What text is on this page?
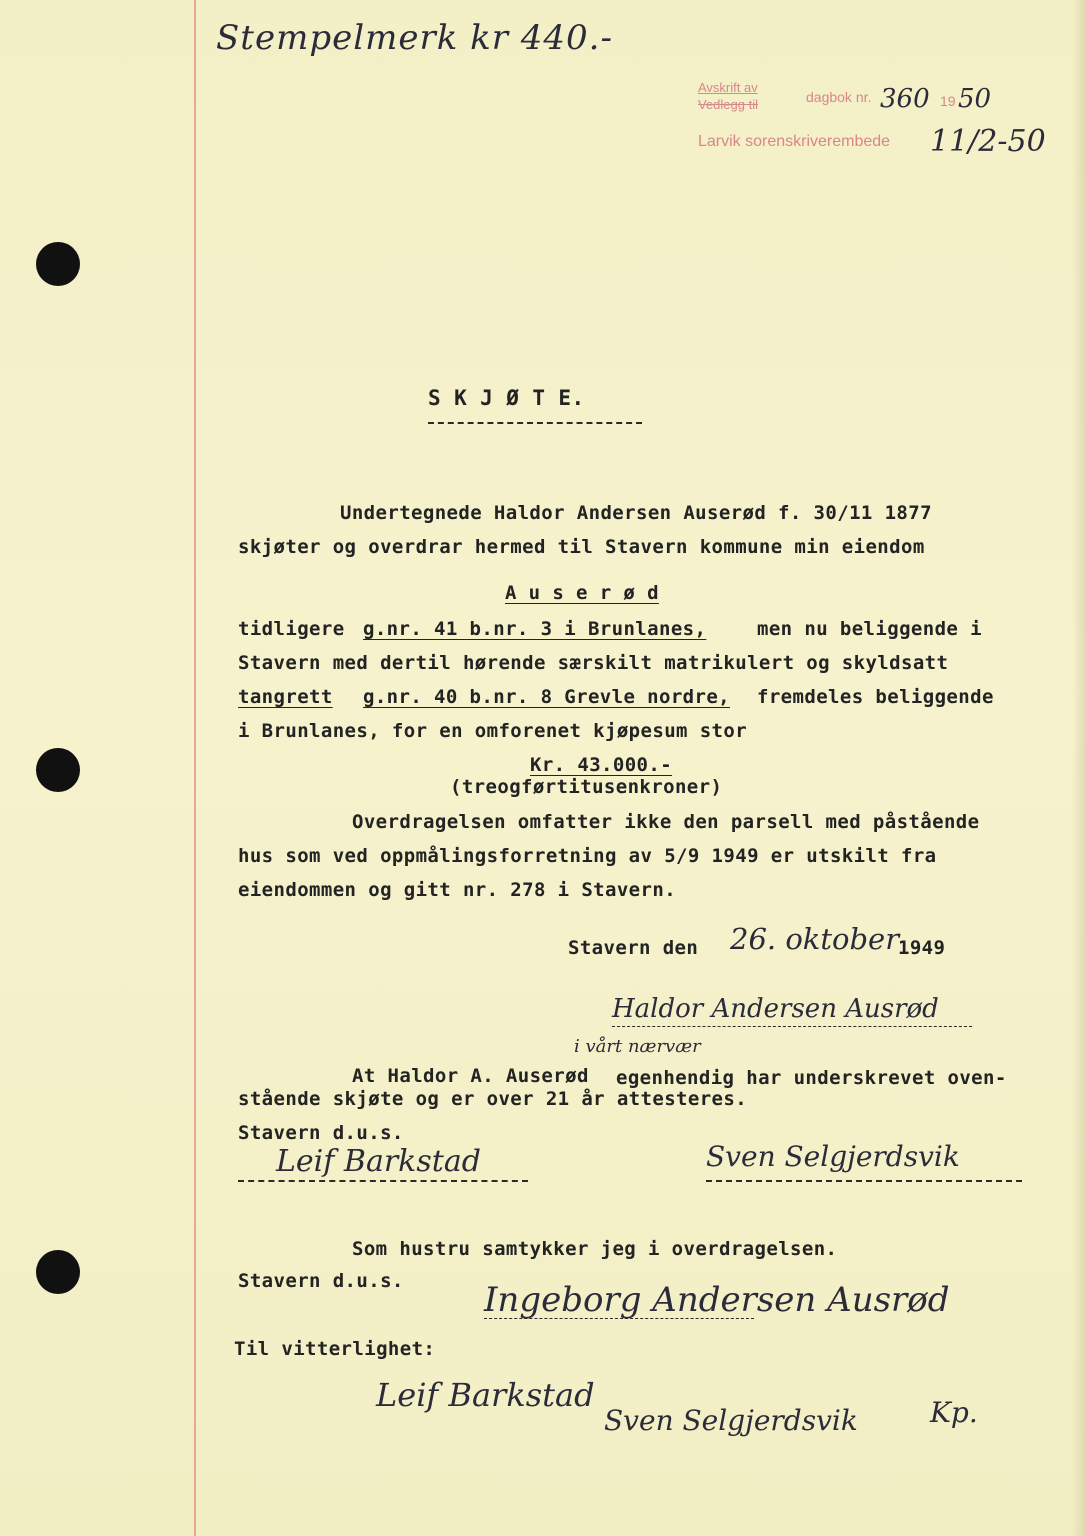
Stempelmerk kr 440.-
Avskrift av
Vedlegg til	dagbok nr. 360 19 50
Larvik sorenskriverembede 11/2-50
S K J Ø T E.
Undertegnede Haldor Andersen Auserød f. 30/11 1877
skjøter og overdrar hermed til Stavern kommune min eiendom
A u s e r ø d
tidligere g.nr. 41 b.nr. 3 i Brunlanes,	men nu beliggende i
Stavern med dertil hørende særskilt matrikulert og skyldsatt
tangrett g.nr. 40 b.nr. 8 Grevle nordre, fremdeles beliggende
i Brunlanes, for en omforenet kjøpesum stor
Kr. 43.000.-
(treogførtitusenkroner)
Overdragelsen omfatter ikke den parsell med påstående
hus som ved oppmålingsforretning av 5/9 1949 er utskilt fra
eiendommen og gitt nr. 278 i Stavern.
Stavern den 26. oktober
1949
Haldor Andersen Ausrød
i vårt nærvær
At Haldor A. Auserød egenhendig har underskrevet oven-
stående skjøte og er over 21 år attesteres.
Stavern d.u.s.
Leif Barkstad	Sven Selgjerdsvik
Som hustru samtykker jeg i overdragelsen.
Stavern d.u.s. Ingeborg Andersen Ausrød
Til vitterlighet:
Leif Barkstad
Sven Selgjerdsvik	Kp.
